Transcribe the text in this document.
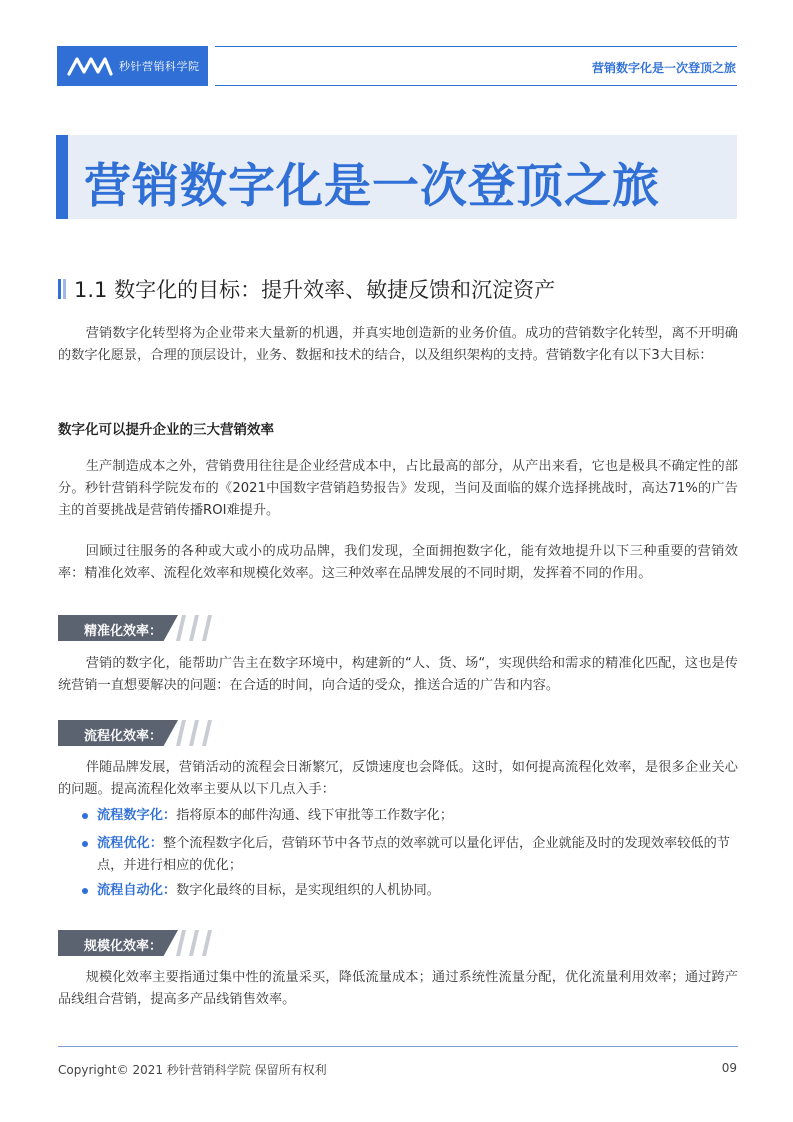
秒针营销科学院	营销数字化是一次登顶之旅
营销数字化是一次登顶之旅
1.1 数字化的目标：提升效率、敏捷反馈和沉淀资产

营销数字化转型将为企业带来大量新的机遇，并真实地创造新的业务价值。成功的营销数字化转型，离不开明确的数字化愿景，合理的顶层设计，业务、数据和技术的结合，以及组织架构的支持。营销数字化有以下3大目标：

数字化可以提升企业的三大营销效率

生产制造成本之外，营销费用往往是企业经营成本中，占比最高的部分，从产出来看，它也是极具不确定性的部分。秒针营销科学院发布的《2021中国数字营销趋势报告》发现，当问及面临的媒介选择挑战时，高达71%的广告主的首要挑战是营销传播ROI难提升。

回顾过往服务的各种或大或小的成功品牌，我们发现，全面拥抱数字化，能有效地提升以下三种重要的营销效率：精准化效率、流程化效率和规模化效率。这三种效率在品牌发展的不同时期，发挥着不同的作用。

精准化效率：

营销的数字化，能帮助广告主在数字环境中，构建新的“人、货、场“，实现供给和需求的精准化匹配，这也是传统营销一直想要解决的问题：在合适的时间，向合适的受众，推送合适的广告和内容。

流程化效率：

伴随品牌发展，营销活动的流程会日渐繁冗，反馈速度也会降低。这时，如何提高流程化效率，是很多企业关心的问题。提高流程化效率主要从以下几点入手：

流程数字化：指将原本的邮件沟通、线下审批等工作数字化；

流程优化：整个流程数字化后，营销环节中各节点的效率就可以量化评估，企业就能及时的发现效率较低的节点，并进行相应的优化；

流程自动化：数字化最终的目标，是实现组织的人机协同。

规模化效率：

规模化效率主要指通过集中性的流量采买，降低流量成本；通过系统性流量分配，优化流量利用效率；通过跨产品线组合营销，提高多产品线销售效率。

Copyright© 2021 秒针营销科学院 保留所有权利	09
